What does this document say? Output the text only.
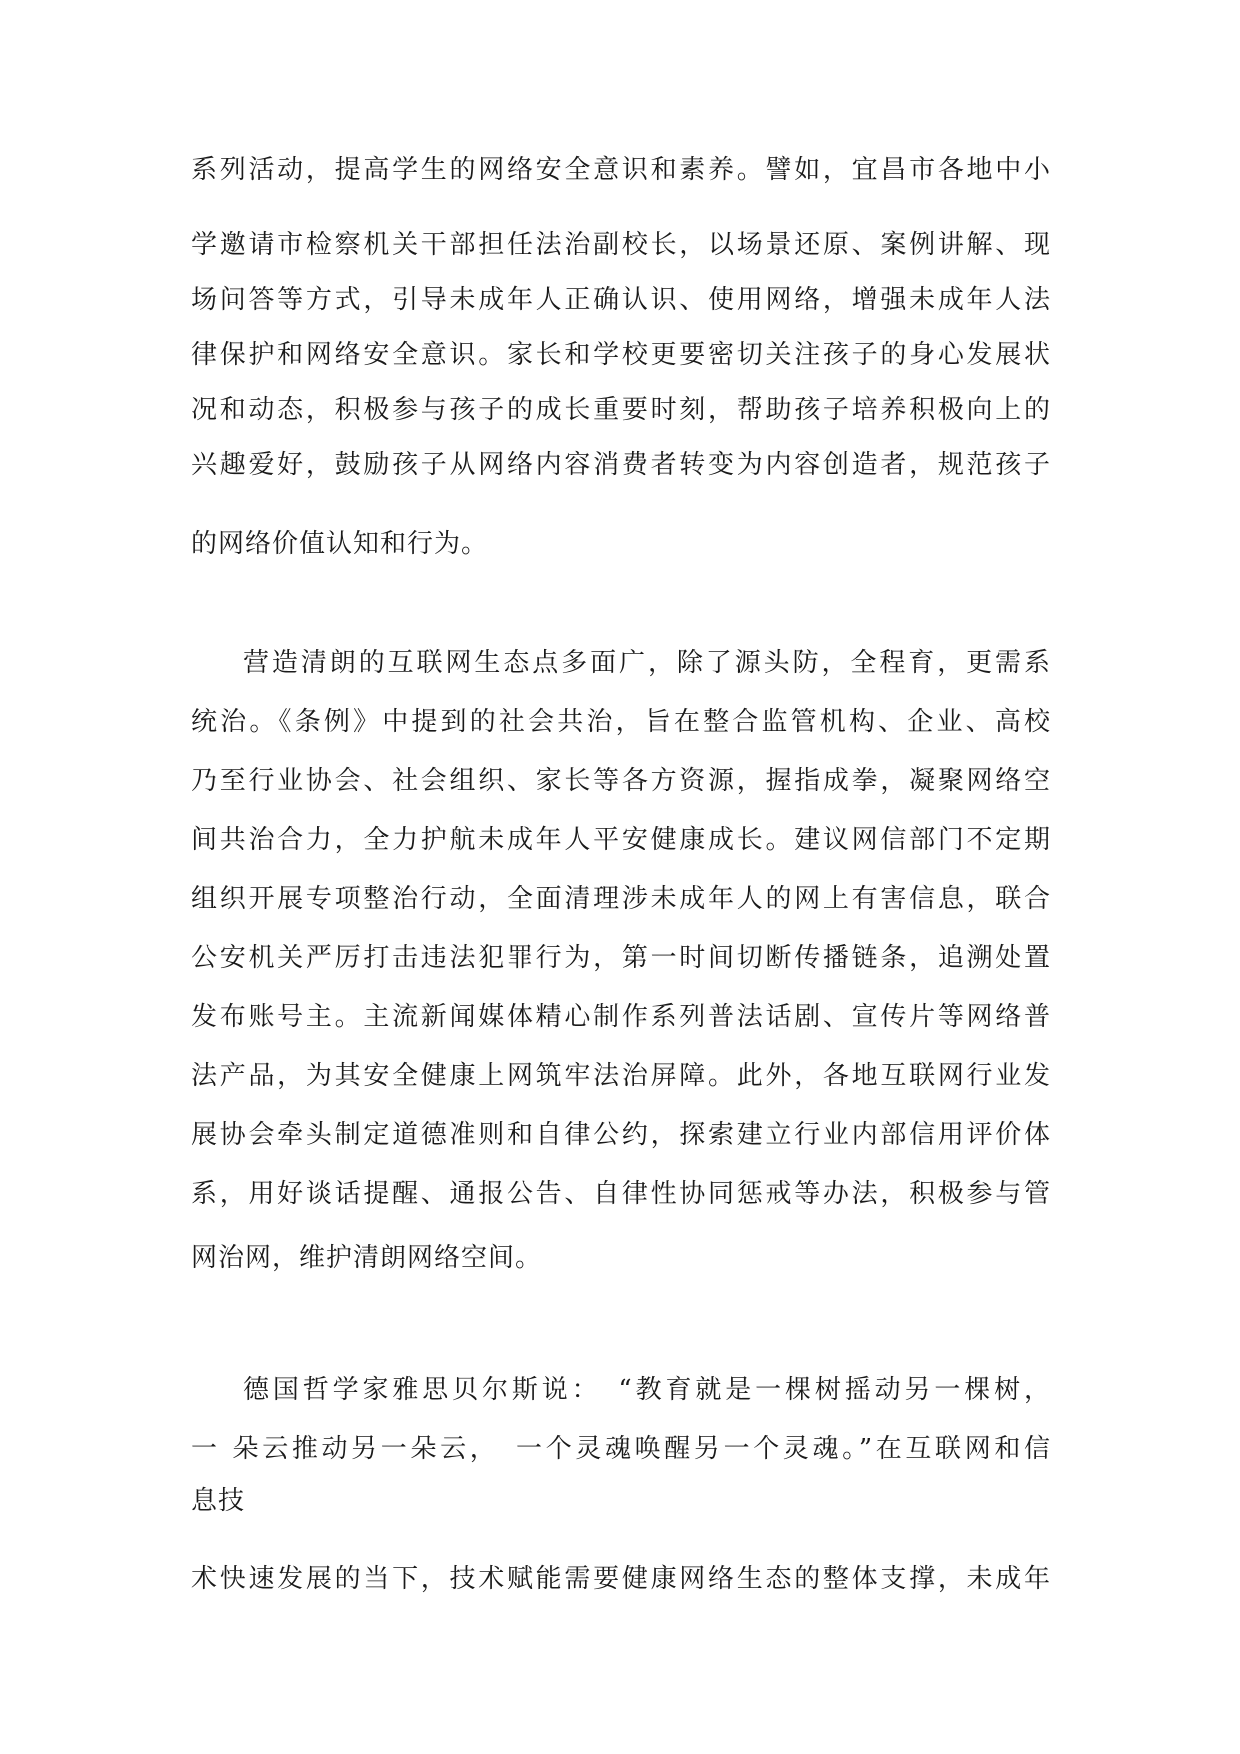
系列活动，提高学生的网络安全意识和素养。譬如，宜昌市各地中小
学邀请市检察机关干部担任法治副校长，以场景还原、案例讲解、现
场问答等方式，引导未成年人正确认识、使用网络，增强未成年人法
律保护和网络安全意识。家长和学校更要密切关注孩子的身心发展状
况和动态，积极参与孩子的成长重要时刻，帮助孩子培养积极向上的
兴趣爱好，鼓励孩子从网络内容消费者转变为内容创造者，规范孩子
的网络价值认知和行为。
营造清朗的互联网生态点多面广，除了源头防，全程育，更需系
统治。《条例》中提到的社会共治，旨在整合监管机构、企业、高校
乃至行业协会、社会组织、家长等各方资源，握指成拳，凝聚网络空
间共治合力，全力护航未成年人平安健康成长。建议网信部门不定期
组织开展专项整治行动，全面清理涉未成年人的网上有害信息，联合
公安机关严厉打击违法犯罪行为，第一时间切断传播链条，追溯处置
发布账号主。主流新闻媒体精心制作系列普法话剧、宣传片等网络普
法产品，为其安全健康上网筑牢法治屏障。此外，各地互联网行业发
展协会牵头制定道德准则和自律公约，探索建立行业内部信用评价体
系，用好谈话提醒、通报公告、自律性协同惩戒等办法，积极参与管
网治网，维护清朗网络空间。
德国哲学家雅思贝尔斯说：　“教育就是一棵树摇动另一棵树，
一 朵云推动另一朵云，　一个灵魂唤醒另一个灵魂。”在互联网和信
息技
术快速发展的当下，技术赋能需要健康网络生态的整体支撑，未成年
